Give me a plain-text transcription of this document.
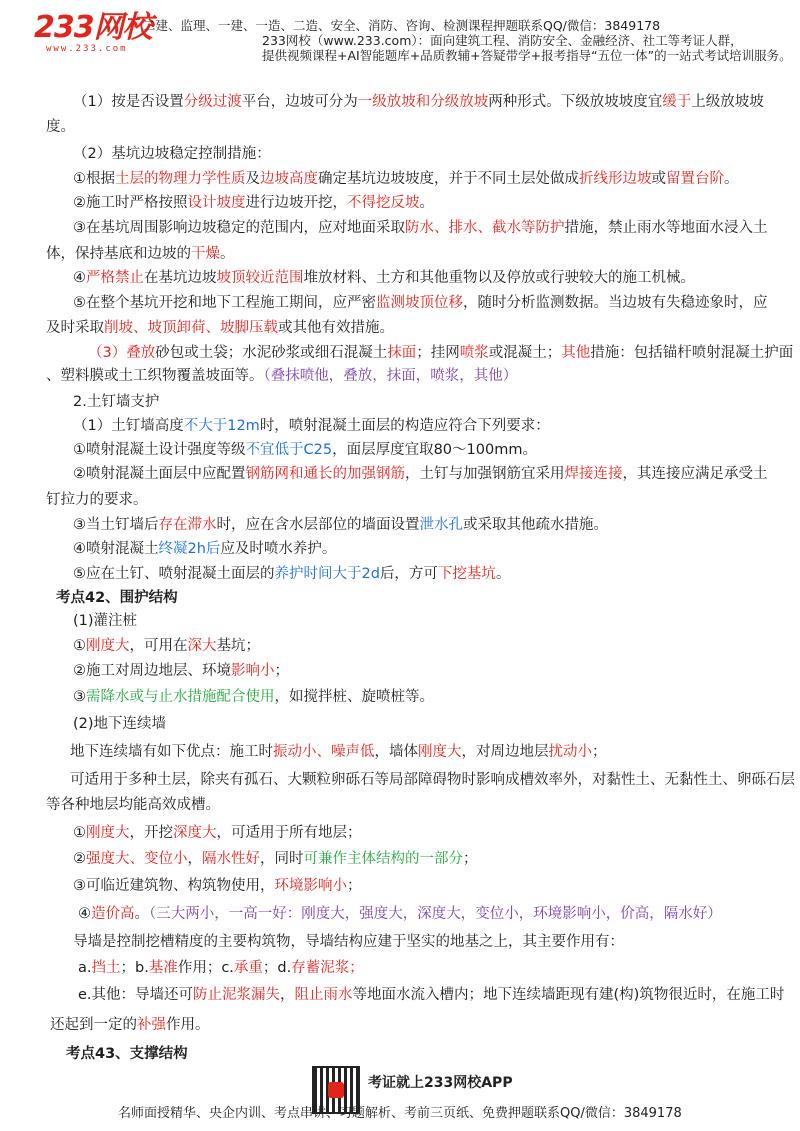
233网校
www.233.com
二建、监理、一建、一造、二造、安全、消防、咨询、检测课程押题联系QQ/微信：3849178
233网校（www.233.com）：面向建筑工程、消防安全、金融经济、社工等考证人群，
提供视频课程+AI智能题库+品质教辅+答疑带学+报考指导“五位一体”的一站式考试培训服务。
（1）按是否设置分级过渡平台，边坡可分为一级放坡和分级放坡两种形式。下级放坡坡度宜缓于上级放坡坡
度。
（2）基坑边坡稳定控制措施：
①根据土层的物理力学性质及边坡高度确定基坑边坡坡度，并于不同土层处做成折线形边坡或留置台阶。
②施工时严格按照设计坡度进行边坡开挖，不得挖反坡。
③在基坑周围影响边坡稳定的范围内，应对地面采取防水、排水、截水等防护措施，禁止雨水等地面水浸入土
体，保持基底和边坡的干燥。
④严格禁止在基坑边坡坡顶较近范围堆放材料、土方和其他重物以及停放或行驶较大的施工机械。
⑤在整个基坑开挖和地下工程施工期间，应严密监测坡顶位移，随时分析监测数据。当边坡有失稳迹象时，应
及时采取削坡、坡顶卸荷、坡脚压载或其他有效措施。
（3）叠放砂包或土袋；水泥砂浆或细石混凝土抹面；挂网喷浆或混凝土；其他措施：包括锚杆喷射混凝土护面
、塑料膜或土工织物覆盖坡面等。（叠抹喷他，叠放，抹面，喷浆，其他）
2.土钉墙支护
（1）土钉墙高度不大于12m时，喷射混凝土面层的构造应符合下列要求：
①喷射混凝土设计强度等级不宜低于C25，面层厚度宜取80～100mm。
②喷射混凝土面层中应配置钢筋网和通长的加强钢筋，土钉与加强钢筋宜采用焊接连接，其连接应满足承受土
钉拉力的要求。
③当土钉墙后存在滞水时，应在含水层部位的墙面设置泄水孔或采取其他疏水措施。
④喷射混凝土终凝2h后应及时喷水养护。
⑤应在土钉、喷射混凝土面层的养护时间大于2d后，方可下挖基坑。
考点42、围护结构
(1)灌注桩
①刚度大，可用在深大基坑；
②施工对周边地层、环境影响小；
③需降水或与止水措施配合使用，如搅拌桩、旋喷桩等。
(2)地下连续墙
地下连续墙有如下优点：施工时振动小、噪声低，墙体刚度大，对周边地层扰动小；
可适用于多种土层，除夹有孤石、大颗粒卵砾石等局部障碍物时影响成槽效率外，对黏性土、无黏性土、卵砾石层
等各种地层均能高效成槽。
①刚度大，开挖深度大，可适用于所有地层；
②强度大、变位小，隔水性好，同时可兼作主体结构的一部分；
③可临近建筑物、构筑物使用，环境影响小；
④造价高。（三大两小，一高一好：刚度大，强度大，深度大，变位小，环境影响小，价高，隔水好）
导墙是控制挖槽精度的主要构筑物，导墙结构应建于坚实的地基之上，其主要作用有：
a.挡土；b.基准作用；c.承重；d.存蓄泥浆；
e.其他：导墙还可防止泥浆漏失，阻止雨水等地面水流入槽内；地下连续墙距现有建(构)筑物很近时，在施工时
还起到一定的补强作用。
考点43、支撑结构
考证就上233网校APP
名师面授精华、央企内训、考点串讲、习题解析、考前三页纸、免费押题联系QQ/微信：3849178
